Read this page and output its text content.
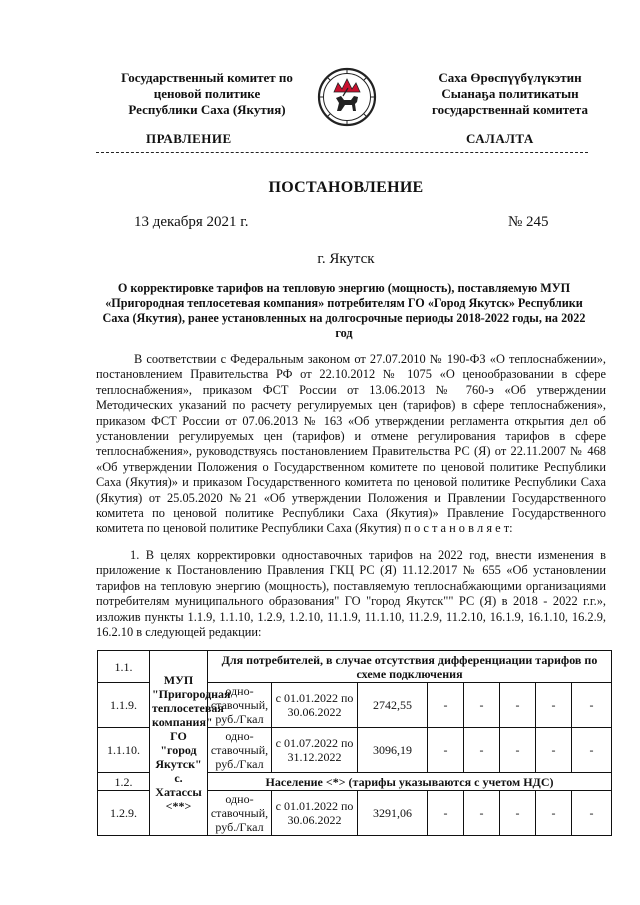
Государственный комитет по
ценовой политике
Республики Саха (Якутия)
Саха Өрөспүүбүлүкэтин
Сыанаҕа политикатын
государственнай комитета
ПРАВЛЕНИЕ	САЛАЛТА
ПОСТАНОВЛЕНИЕ
13 декабря 2021 г.	№ 245
г. Якутск
О корректировке тарифов на тепловую энергию (мощность), поставляемую МУП «Пригородная теплосетевая компания» потребителям ГО «Город Якутск» Республики Саха (Якутия), ранее установленных на долгосрочные периоды 2018-2022 годы, на 2022 год

В соответствии с Федеральным законом от 27.07.2010 № 190-ФЗ «О теплоснабжении», постановлением Правительства РФ от 22.10.2012 № 1075 «О ценообразовании в сфере теплоснабжения», приказом ФСТ России от 13.06.2013 № 760-э «Об утверждении Методических указаний по расчету регулируемых цен (тарифов) в сфере теплоснабжения», приказом ФСТ России от 07.06.2013 № 163 «Об утверждении регламента открытия дел об установлении регулируемых цен (тарифов) и отмене регулирования тарифов в сфере теплоснабжения», руководствуясь постановлением Правительства РС (Я) от 22.11.2007 № 468 «Об утверждении Положения о Государственном комитете по ценовой политике Республики Саха (Якутия)» и приказом Государственного комитета по ценовой политике Республики Саха (Якутия) от 25.05.2020 №21 «Об утверждении Положения и Правлении Государственного комитета по ценовой политике Республики Саха (Якутия)» Правление Государственного комитета по ценовой политике Республики Саха (Якутия) п о с т а н о в л я е т:

1. В целях корректировки одноставочных тарифов на 2022 год, внести изменения в приложение к Постановлению Правления ГКЦ РС (Я) 11.12.2017 № 655 «Об установлении тарифов на тепловую энергию (мощность), поставляемую теплоснабжающими организациями потребителям муниципального образования" ГО "город Якутск"" РС (Я) в 2018 - 2022 г.г.», изложив пункты 1.1.9, 1.1.10, 1.2.9, 1.2.10, 11.1.9, 11.1.10, 11.2.9, 11.2.10, 16.1.9, 16.1.10, 16.2.9, 16.2.10 в следующей редакции:

1.1.	МУП "Пригородная теплосетевая компания" ГО "город Якутск" с. Хатассы <**>	Для потребителей, в случае отсутствия дифференциации тарифов по схеме подключения							
1.1.9.		одно-ставочный, руб./Гкал	с 01.01.2022 по 30.06.2022	2742,55	-	-	-	-	-
1.1.10.		одно-ставочный, руб./Гкал	с 01.07.2022 по 31.12.2022	3096,19	-	-	-	-	-
1.2.		Население <*> (тарифы указываются с учетом НДС)							
1.2.9.		одно-ставочный, руб./Гкал	с 01.01.2022 по 30.06.2022	3291,06	-	-	-	-	-
